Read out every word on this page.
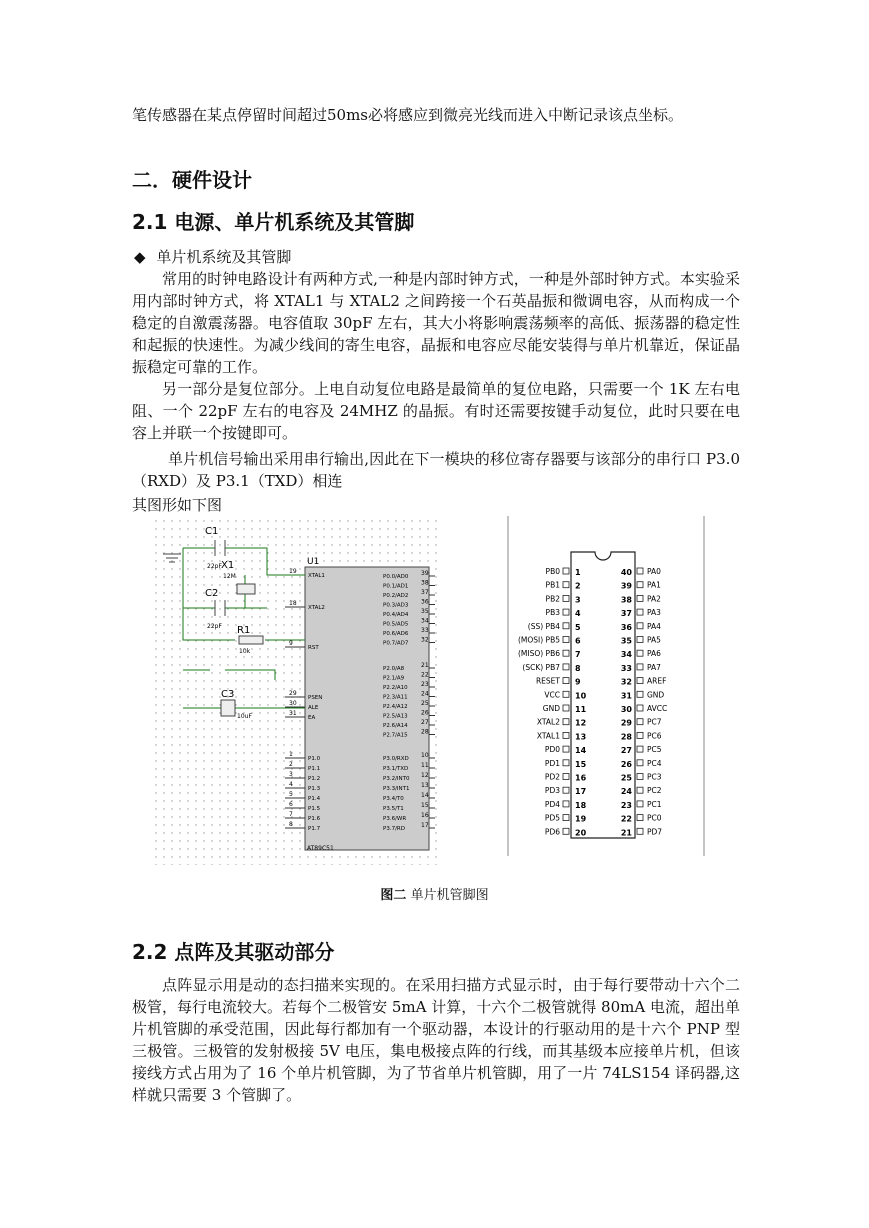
笔传感器在某点停留时间超过50ms必将感应到微亮光线而进入中断记录该点坐标。
二．硬件设计
2.1 电源、单片机系统及其管脚
◆ 单片机系统及其管脚
常用的时钟电路设计有两种方式,一种是内部时钟方式，一种是外部时钟方式。本实验采用内部时钟方式，将 XTAL1 与 XTAL2 之间跨接一个石英晶振和微调电容，从而构成一个稳定的自激震荡器。电容值取 30pF 左右，其大小将影响震荡频率的高低、振荡器的稳定性和起振的快速性。为减少线间的寄生电容，晶振和电容应尽能安装得与单片机靠近，保证晶振稳定可靠的工作。
另一部分是复位部分。上电自动复位电路是最简单的复位电路，只需要一个 1K 左右电阻、一个 22pF 左右的电容及 24MHZ 的晶振。有时还需要按键手动复位，此时只要在电容上并联一个按键即可。
单片机信号输出采用串行输出,因此在下一模块的移位寄存器要与该部分的串行口 P3.0（RXD）及 P3.1（TXD）相连
其图形如下图
U1
AT89C51
19
XTAL1
18
XTAL2
9
RST
29
PSEN
30
ALE
31
EA
1
P1.0
2
P1.1
3
P1.2
4
P1.3
5
P1.4
6
P1.5
7
P1.6
8
P1.7
39
P0.0/AD0
38
P0.1/AD1
37
P0.2/AD2
36
P0.3/AD3
35
P0.4/AD4
34
P0.5/AD5
33
P0.6/AD6
32
P0.7/AD7
21
P2.0/A8
22
P2.1/A9
23
P2.2/A10
24
P2.3/A11
25
P2.4/A12
26
P2.5/A13
27
P2.6/A14
28
P2.7/A15
10
P3.0/RXD
11
P3.1/TXD
12
P3.2/INT0
13
P3.3/INT1
14
P3.4/T0
15
P3.5/T1
16
P3.6/WR
17
P3.7/RD
C1
22pF X1
12M
C2
22pF R1
10k
C3
10uF
PB0 1
PB1 2
PB2 3
PB3 4
(SS) PB4 5
(MOSI) PB5 6
(MISO) PB6 7
(SCK) PB7 8
RESET 9
VCC 10
GND 11
XTAL2 12
XTAL1 13
PD0 14
PD1 15
PD2 16
PD3 17
PD4 18
PD5 19
PD6 20
PA0
40
PA1
39
PA2
38
PA3
37
PA4
36
PA5
35
PA6
34
PA7
33
AREF
32
GND
31
AVCC
30
PC7
29
PC6
28
PC5
27
PC4
26
PC3
25
PC2
24
PC1
23
PC0
22
PD7
21
图二 单片机管脚图
2.2 点阵及其驱动部分
点阵显示用是动的态扫描来实现的。在采用扫描方式显示时，由于每行要带动十六个二极管，每行电流较大。若每个二极管安 5mA 计算，十六个二极管就得 80mA 电流，超出单片机管脚的承受范围，因此每行都加有一个驱动器，本设计的行驱动用的是十六个 PNP 型三极管。三极管的发射极接 5V 电压，集电极接点阵的行线，而其基级本应接单片机，但该接线方式占用为了 16 个单片机管脚，为了节省单片机管脚，用了一片 74LS154 译码器,这样就只需要 3 个管脚了。
